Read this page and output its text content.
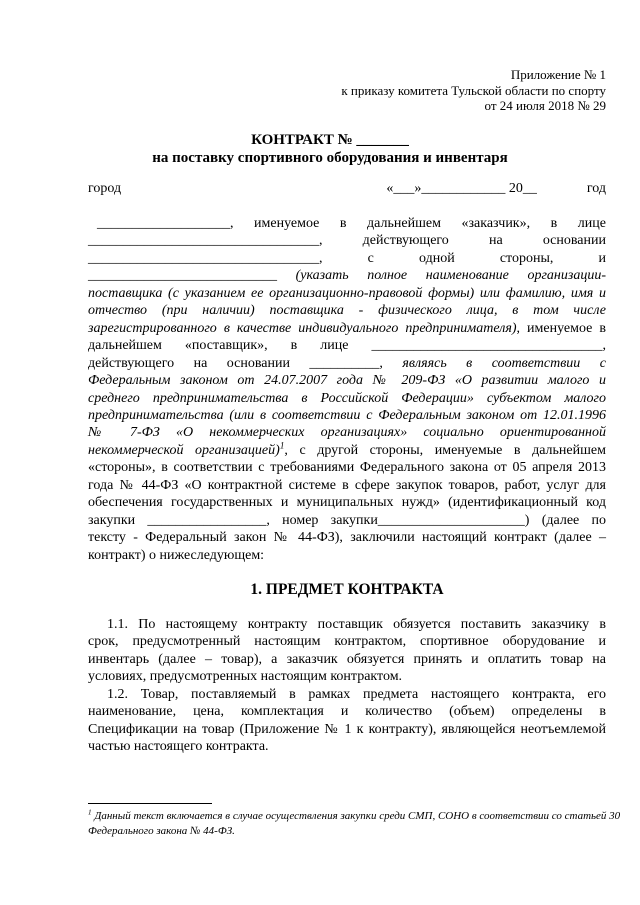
Приложение № 1
к приказу комитета Тульской области по спорту
от 24 июля 2018 № 29
КОНТРАКТ № _______
на поставку спортивного оборудования и инвентаря
город	«___»____________ 20__	год
___________________, именуемое в дальнейшем «заказчик», в лице
_________________________________, действующего на основании
_________________________________, с одной стороны, и
___________________________ (указать полное наименование организации-
поставщика (с указанием ее организационно-правовой формы) или фамилию, имя и
отчество (при наличии) поставщика - физического лица, в том числе
зарегистрированного в качестве индивидуального предпринимателя), именуемое в
дальнейшем «поставщик», в лице _________________________________,
действующего на основании __________, являясь в соответствии с
Федеральным законом от 24.07.2007 года № 209-ФЗ «О развитии малого и
среднего предпринимательства в Российской Федерации» субъектом малого
предпринимательства (или в соответствии с Федеральным законом от 12.01.1996
№ 7-ФЗ «О некоммерческих организациях» социально ориентированной
некоммерческой организацией)$^1$, с другой стороны, именуемые в дальнейшем
«стороны», в соответствии с требованиями Федерального закона от 05 апреля 2013
года № 44-ФЗ «О контрактной системе в сфере закупок товаров, работ, услуг для
обеспечения государственных и муниципальных нужд» (идентификационный код
закупки _________________, номер закупки_____________________) (далее по
тексту - Федеральный закон № 44-ФЗ), заключили настоящий контракт (далее –
контракт) о нижеследующем:
1. ПРЕДМЕТ КОНТРАКТА
1.1. По настоящему контракту поставщик обязуется поставить заказчику в
срок, предусмотренный настоящим контрактом, спортивное оборудование и
инвентарь (далее – товар), а заказчик обязуется принять и оплатить товар на
условиях, предусмотренных настоящим контрактом.
1.2. Товар, поставляемый в рамках предмета настоящего контракта, его
наименование, цена, комплектация и количество (объем) определены в
Спецификации на товар (Приложение № 1 к контракту), являющейся неотъемлемой
частью настоящего контракта.
$^1$ Данный текст включается в случае осуществления закупки среди СМП, СОНО в соответствии со статьей 30
Федерального закона № 44-ФЗ.
